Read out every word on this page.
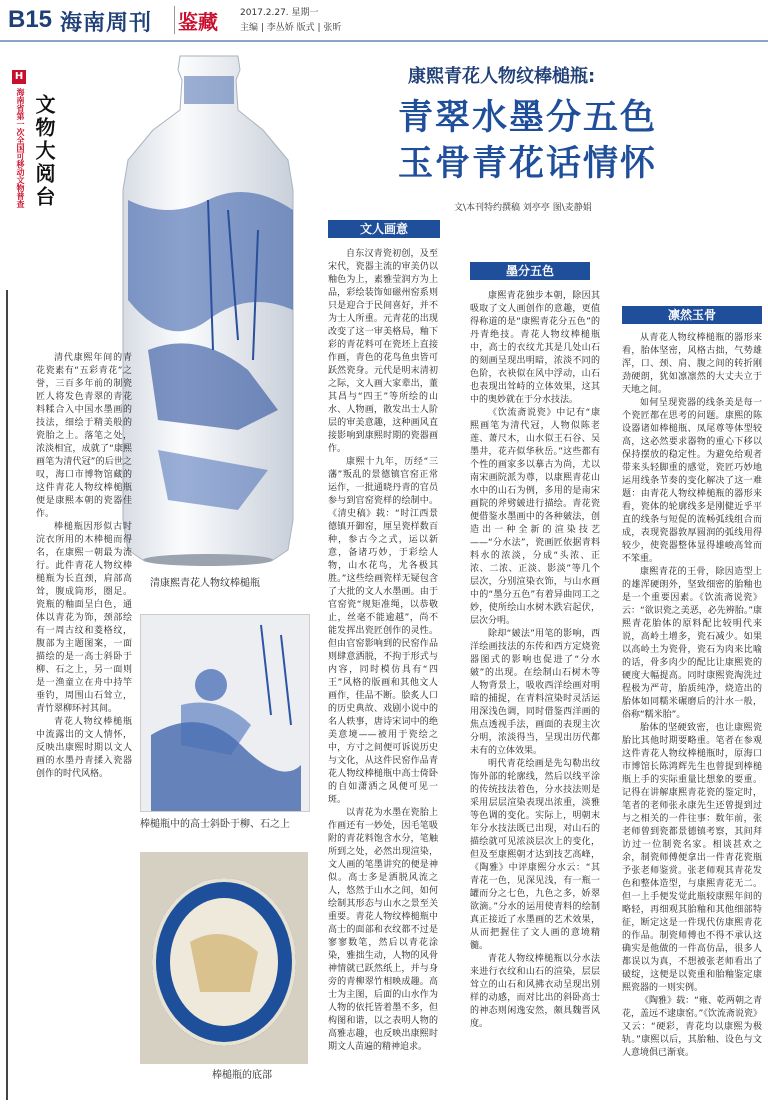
B15 海南周刊 鉴藏 2017.2.27. 星期一
主编 | 李丛娇 版式 | 张昕
H
海南省第一次全国可移动文物普查 文物大阅台
清康熙青花人物纹棒槌瓶
棒槌瓶中的高士斜卧于柳、石之上
棒槌瓶的底部
康熙青花人物纹棒槌瓶:
青翠水墨分五色
玉骨青花话情怀
文\本刊特约撰稿 刘亭亭 图\麦静娟
文人画意
墨分五色
凛然玉骨

清代康熙年间的青花瓷素有“五彩青花”之誉，三百多年前的制瓷匠人将发色青翠的青花料糅合入中国水墨画的技法，细绘于精美般的瓷胎之上。落笔之处，浓淡相宜，成就了“康熙画笔为清代冠”的后世之叹，海口市博物馆藏的这件青花人物纹棒槌瓶便是康熙本朝的瓷器佳作。

棒槌瓶因形似古时浣衣所用的木棒槌而得名，在康熙一朝最为流行。此件青花人物纹棒槌瓶为长直颈，肩部高耸，腹成筒形，圈足。瓷瓶的釉面呈白色，通体以青花为饰，颈部绘有一周古纹和菱格纹，腹部为主题图案，一面描绘的是一高士斜卧于柳、石之上，另一面则是一渔童立在舟中持竿垂钓，周围山石耸立，青竹翠柳环衬其间。

青花人物纹棒槌瓶中流露出的文人情怀，反映出康熙时期以文人画的水墨丹青揉入瓷器创作的时代风格。

自东汉青瓷初创，及至宋代，瓷器主流的审美仍以釉色为上，素雅莹润方为上品，彩绘装饰如磁州窑系则只是迎合于民间喜好，并不为士人所重。元青花的出现改变了这一审美格局，釉下彩的青花料可在瓷坯上直接作画，青色的花鸟鱼虫皆可跃然瓷身。元代是明末清初之际，文人画大家辈出，董其昌与“四王”等所绘的山水、人物画，散发出士人阶层的审美意趣，这种画风直接影响到康熙时期的瓷器画作。

康熙十九年，历经“三藩”叛乱的景德镇官窑正常运作，一批通晓丹青的官员参与到官窑瓷样的绘制中。《清史稿》载：“时江西景德镇开御窑，厘呈瓷样数百种，参古今之式，运以新意，备诸巧妙，于彩绘人物，山水花鸟，尤各极其胜。”这些绘画瓷样无疑包含了大批的文人水墨画。由于官窑瓷“规矩准绳，以恭敬止，丝毫不能逾越”，尚不能发挥出瓷匠创作的灵性。但由官窑影响到的民窑作品则肆意洒脱，不拘于形式与内容，同时模仿具有“四王”风格的版画和其他文人画作，佳品不断。脍炙人口的历史典故、戏剧小说中的名人轶事，唐诗宋词中的绝美意境——被用于瓷绘之中，方寸之间便可诉说历史与文化，从这件民窑作品青花人物纹棒槌瓶中高士倚卧的自如潇洒之风便可见一斑。

以青花为水墨在瓷胎上作画还有一妙处，因毛笔吸附的青花料饱含水分，笔触所到之处，必然出现渲染，文人画的笔墨讲究的便是神似。高士多是洒脱风流之人，悠然于山水之间，如何绘制其形态与山水之景至关重要。青花人物纹棒槌瓶中高士的面部和衣纹都不过是寥寥数笔，然后以青花涂染，雅拙生动，人物的风骨神情就已跃然纸上，并与身旁的青柳翠竹相映成趣。高士为主图，后面的山水作为人物的依托皆着墨不多，但构图和谐，以之表明人物的高雅志趣，也反映出康熙时期文人苗遍的精神追求。

康熙青花独步本朝，除因其吸取了文人画创作的意趣，更值得称道的是“康熙青花分五色”的丹青绝技。青花人物纹棒槌瓶中，高士的衣纹尤其是几处山石的刻画呈现出明暗，浓淡不同的色阶，衣袂似在风中浮动，山石也表现出耸峙的立体效果，这其中的奥妙就在于分水技法。

《饮流斋说瓷》中记有“康熙画笔为清代冠，人物似陈老莲、萧尺木，山水似王石谷、吴墨井，花卉似华秋岳。”这些都有个性的画家多以摹古为尚，尤以南宋画院派为尊，以康熙青花山水中的山石为例，多用的是南宋画院的斧劈皴进行描绘。青花瓷便借鉴水墨画中的各种皴法，创造出一种全新的渲染技艺——“分水法”，瓷画匠依据青料料水的浓淡，分成“头浓、正浓、二浓、正淡、影淡”等几个层次，分别渲染衣饰，与山水画中的“墨分五色”有着异曲同工之妙，使所绘山水树木跌宕起伏，层次分明。

除却“皴法”用笔的影响，西洋绘画技法的东传和西方定烧瓷器图式的影响也促进了“分水皴”的出现。在绘制山石树木等人物背景上，吸收西洋绘画对明暗的捕捉，在青料渲染时灵活运用深浅色调，同时借鉴西洋画的焦点透视手法，画面的表现主次分明，浓淡得当，呈现出历代都未有的立体效果。

明代青花绘画是先勾勒出纹饰外部的轮廓线，然后以线平涂的传统技法着色，分水技法则是采用层层渲染表现出浓重，淡雅等色调的变化。实际上，明朝末年分水技法既已出现，对山石的描绘就可见浓淡层次上的变化，但及至康熙朝才达到技艺高峰，《陶雅》中评康熙分水云：“其青花一色，见深见浅，有一瓶一罐而分之七色，九色之多，娇翠欲滴。”分水的运用使青料的绘制真正接近了水墨画的艺术效果，从而把握住了文人画的意境精髓。

青花人物纹棒槌瓶以分水法来进行衣纹和山石的渲染，层层耸立的山石和风拂衣动呈现出别样的动感，而对比出的斜卧高士的神态则闲逸安然，颇具魏晋风度。

从青花人物纹棒槌瓶的器形来看，胎体坚密，风格古拙，气势雄浑，口、颈、肩、腹之间的转折刚劲硬朗，犹如凛凛然的大丈夫立于天地之间。

如何呈现瓷器的线条美是每一个瓷匠都在思考的问题。康熙的陈设器诸如棒槌瓶、凤尾尊等体型较高，这必然要求器物的重心下移以保持摆放的稳定性。为避免给观者带来头轻脚重的感觉，瓷匠巧妙地运用线条节奏的变化解决了这一难题：由青花人物纹棒槌瓶的器形来看，瓷体的轮廓线多是刚健近乎平直的线条与短促的流畅弧线组合而成，表现瓷器敦厚圆润的弧线用得较少，使瓷器整体显得雄峻高耸而不笨重。

康熙青花的王骨，除因造型上的雄浑硬朗外，坚致细密的胎釉也是一个重要因素。《饮流斋说瓷》云：“欲识瓷之美恶，必先辨胎。”康熙青花胎体的原料配比较明代来说，高岭土增多，瓷石减少。如果以高岭土为瓷骨，瓷石为肉来比喻的话，骨多肉少的配比让康熙瓷的硬度大幅提高。同时康熙瓷淘洗过程极为严苛，胎质纯净，烧造出的胎体如同糯米碾磨后的汁水一般，俗称“糯米胎”。

胎体的坚硬致密，也让康熙瓷胎比其他时期要略重。笔者在参观这件青花人物纹棒槌瓶时，原海口市博馆长陈鸿辉先生也曾提到棒槌瓶上手的实际重量比想象的要重。记得在讲解康熙青花瓷的鉴定时，笔者的老师张永康先生还曾提到过与之相关的一件往事：数年前，张老师曾到瓷都景德镇考察，其间拜访过一位制瓷名家。相谈甚欢之余，制瓷师傅便拿出一件青花瓷瓶予张老师鉴赏。张老师观其青花发色和整体造型，与康熙青花无二。但一上手便发觉此瓶较康熙年间的略轻，再细观其胎釉和其他细部特征，断定这是一件现代仿康熙青花的作品。制瓷师傅也不得不承认这确实是他做的一件高仿品，很多人都误以为真，不想被张老师看出了破绽，这便是以瓷重和胎釉鉴定康熙瓷器的一则实例。

《陶雅》载：“雍、乾两朝之青花，盖远不逮康窑。”《饮流斋说瓷》又云：“硬彩，青花均以康熙为极轨。”康熙以后，其胎釉、设色与文人意境俱已渐衰。
